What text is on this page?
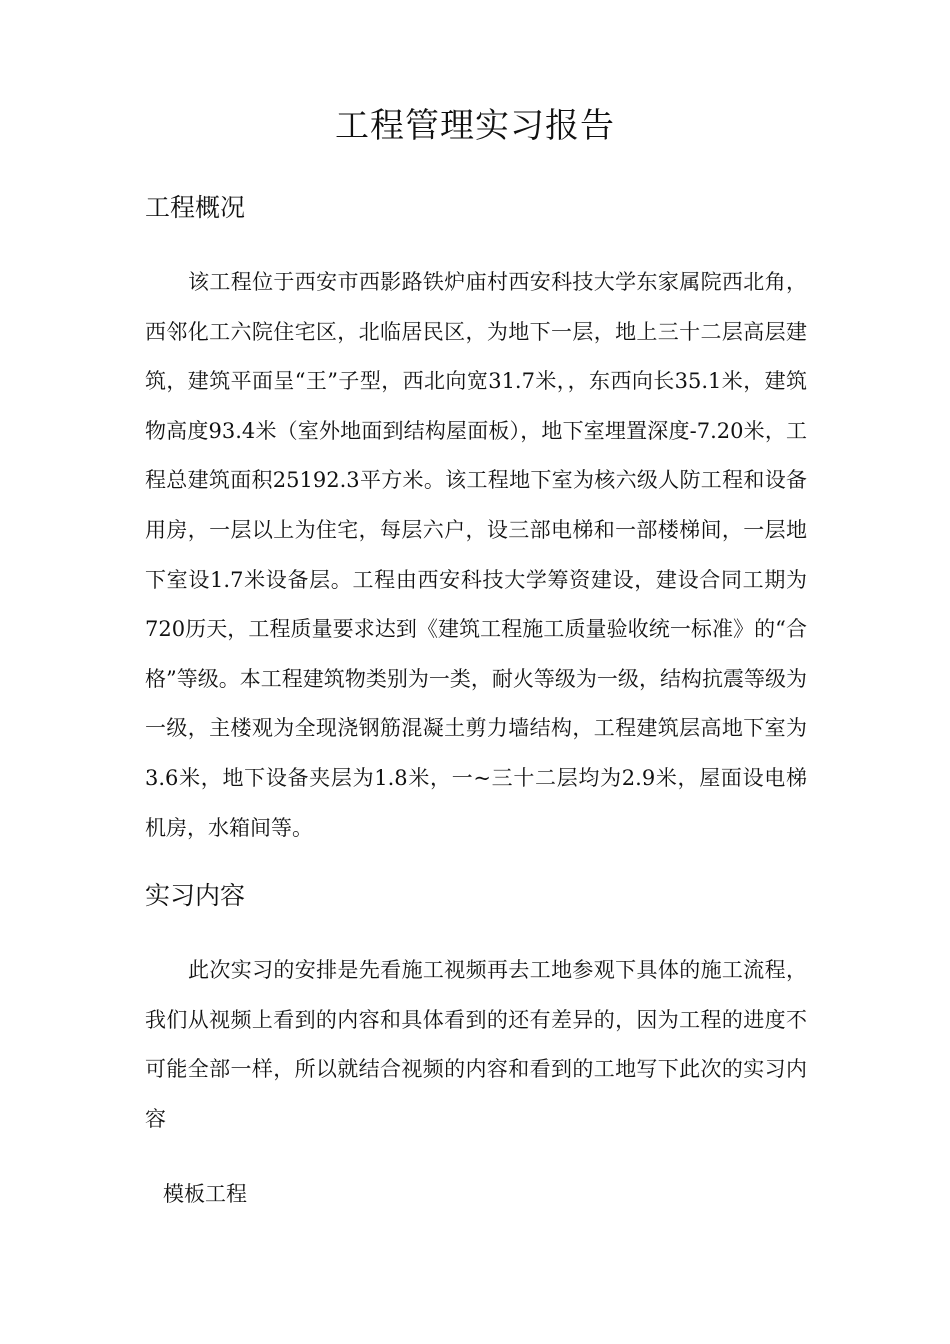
工程管理实习报告
工程概况

该工程位于西安市西影路铁炉庙村西安科技大学东家属院西北角，西邻化工六院住宅区，北临居民区，为地下一层，地上三十二层高层建筑，建筑平面呈“王”子型，西北向宽31.7米，，东西向长35.1米，建筑物高度93.4米（室外地面到结构屋面板），地下室埋置深度-7.20米，工程总建筑面积25192.3平方米。该工程地下室为核六级人防工程和设备用房，一层以上为住宅，每层六户，设三部电梯和一部楼梯间，一层地下室设1.7米设备层。工程由西安科技大学筹资建设，建设合同工期为720历天，工程质量要求达到《建筑工程施工质量验收统一标准》的“合格”等级。本工程建筑物类别为一类，耐火等级为一级，结构抗震等级为一级，主楼观为全现浇钢筋混凝土剪力墙结构，工程建筑层高地下室为3.6米，地下设备夹层为1.8米，一~三十二层均为2.9米，屋面设电梯机房，水箱间等。

实习内容

此次实习的安排是先看施工视频再去工地参观下具体的施工流程，我们从视频上看到的内容和具体看到的还有差异的，因为工程的进度不可能全部一样，所以就结合视频的内容和看到的工地写下此次的实习内容

模板工程
